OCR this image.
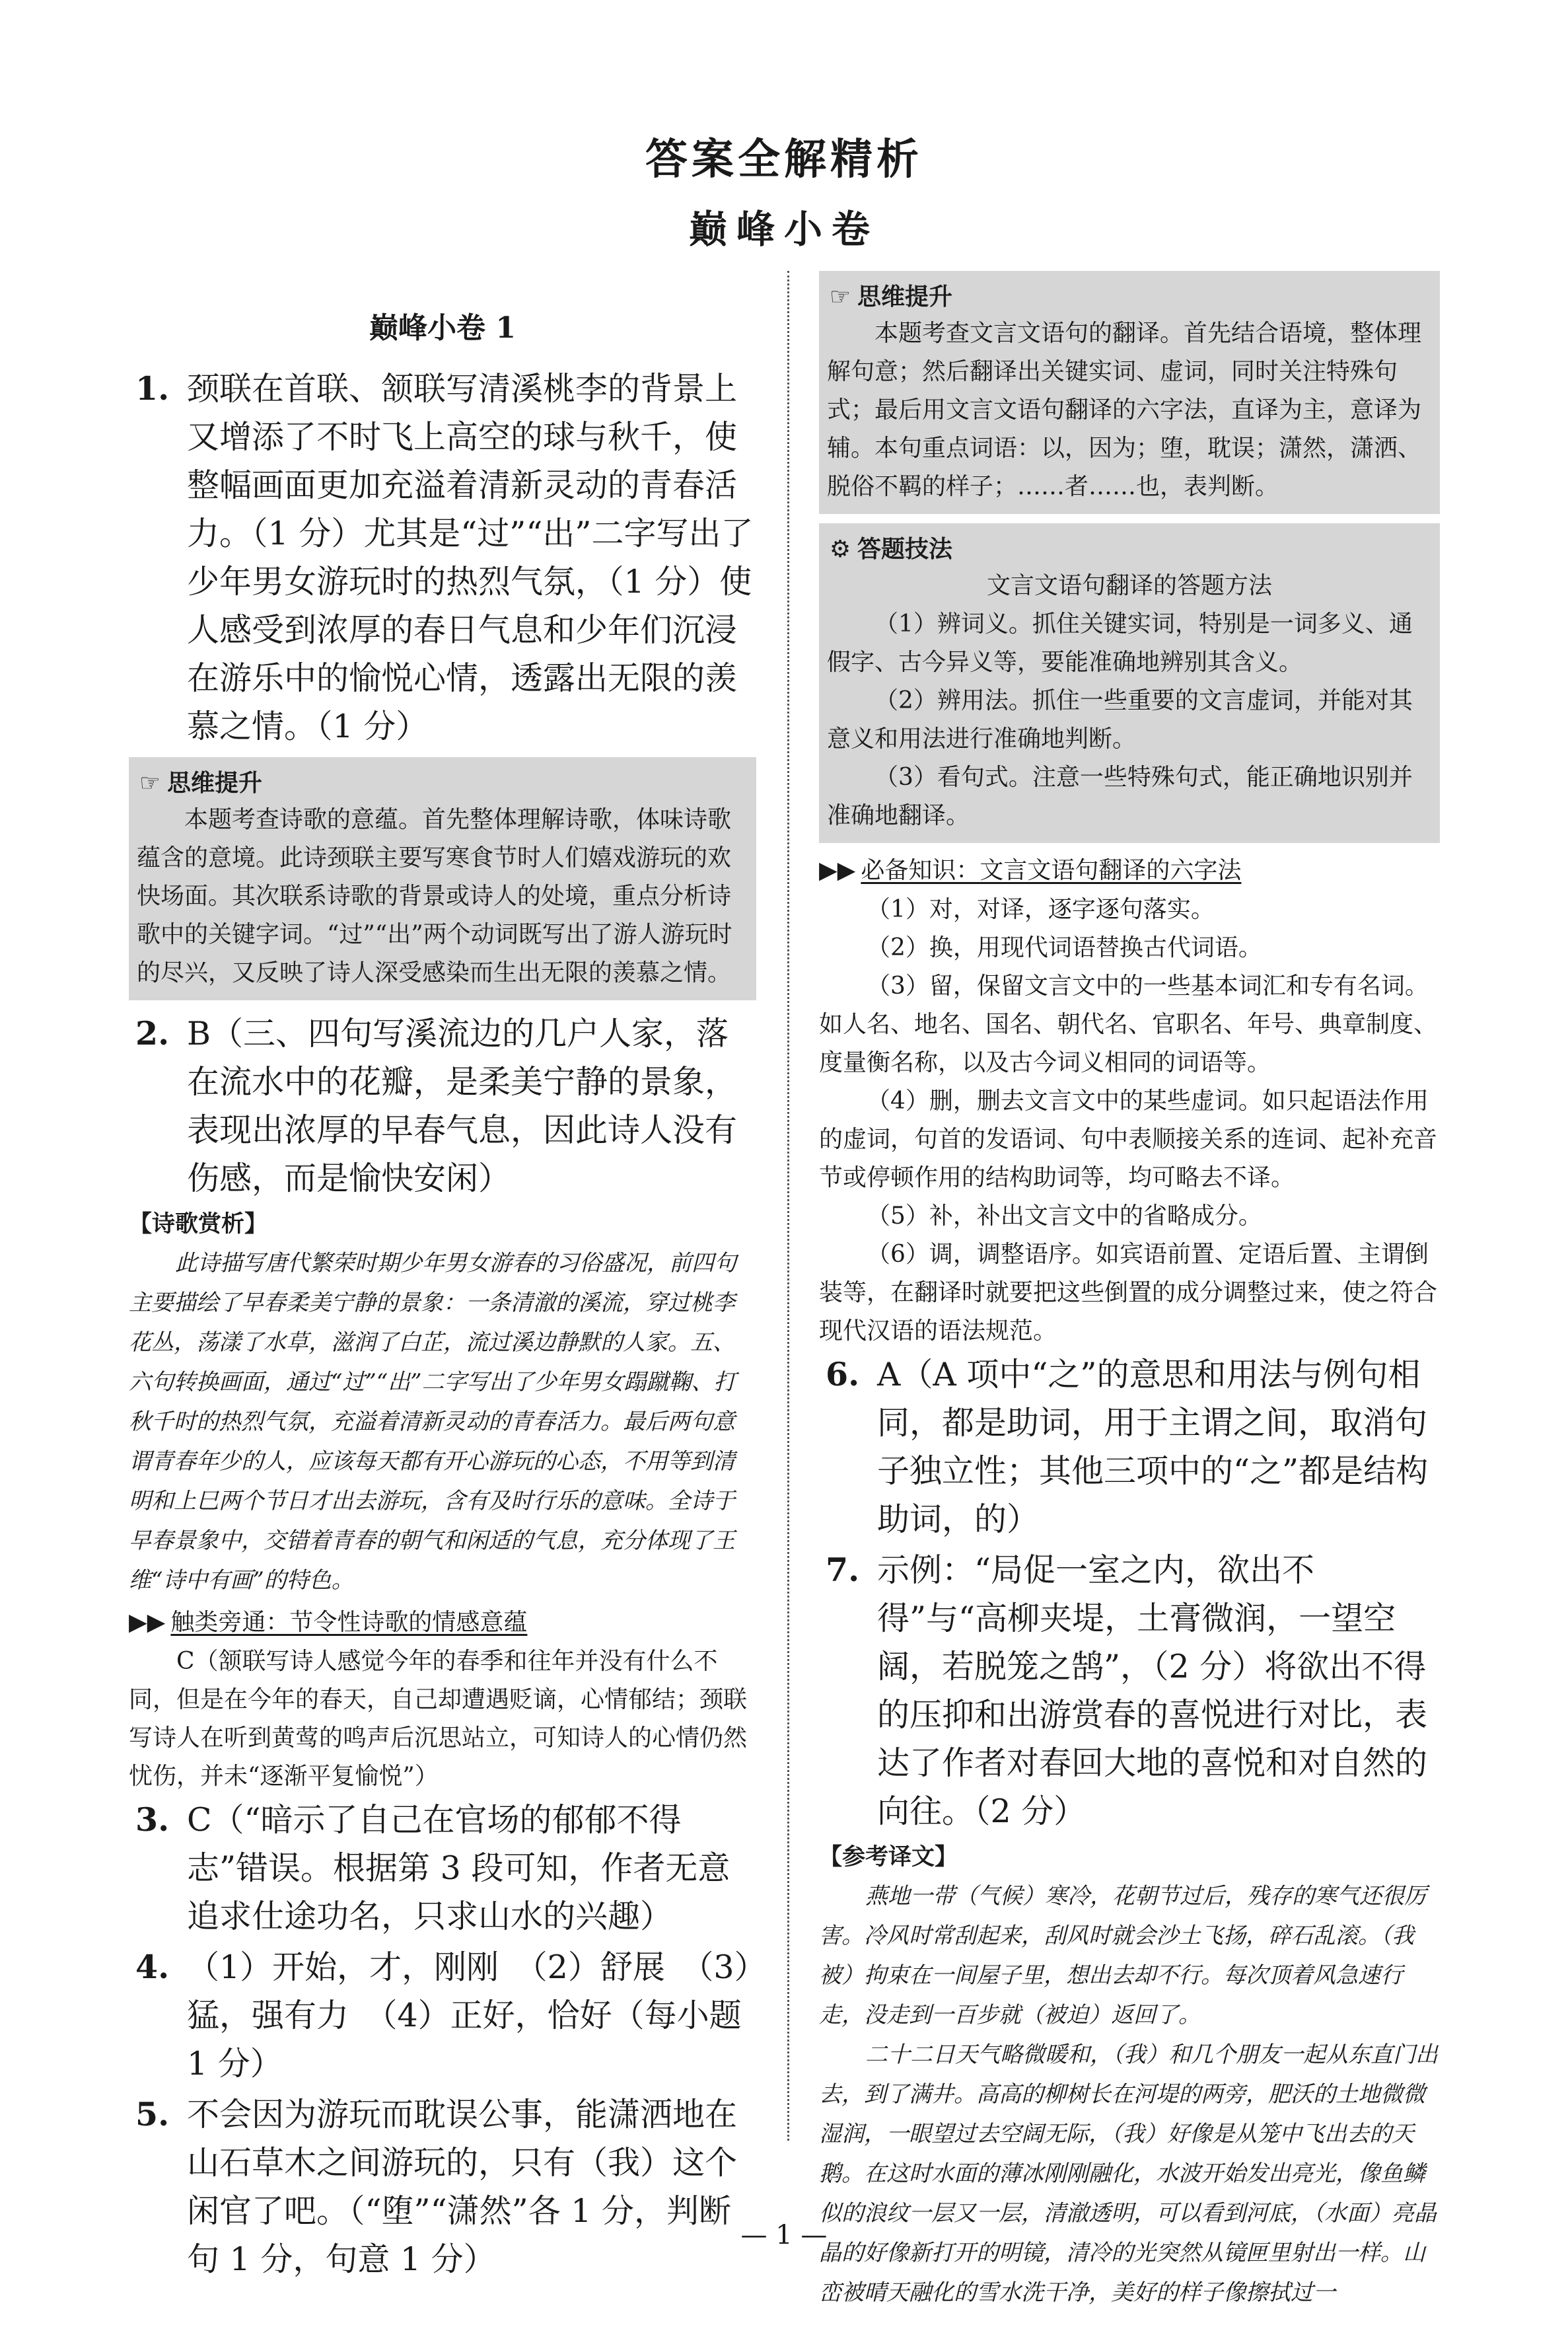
答案全解精析
巅峰小卷
巅峰小卷 1
1. 颈联在首联、颔联写清溪桃李的背景上又增添了不时飞上高空的球与秋千，使整幅画面更加充溢着清新灵动的青春活力。（1 分）尤其是“过”“出”二字写出了少年男女游玩时的热烈气氛，（1 分）使人感受到浓厚的春日气息和少年们沉浸在游乐中的愉悦心情，透露出无限的羡慕之情。（1 分）
☞ 思维提升

本题考查诗歌的意蕴。首先整体理解诗歌，体味诗歌蕴含的意境。此诗颈联主要写寒食节时人们嬉戏游玩的欢快场面。其次联系诗歌的背景或诗人的处境，重点分析诗歌中的关键字词。“过”“出”两个动词既写出了游人游玩时的尽兴，又反映了诗人深受感染而生出无限的羡慕之情。

2. B（三、四句写溪流边的几户人家，落在流水中的花瓣，是柔美宁静的景象，表现出浓厚的早春气息，因此诗人没有伤感，而是愉快安闲）
【诗歌赏析】

此诗描写唐代繁荣时期少年男女游春的习俗盛况，前四句主要描绘了早春柔美宁静的景象：一条清澈的溪流，穿过桃李花丛，荡漾了水草，滋润了白芷，流过溪边静默的人家。五、六句转换画面，通过“过”“出”二字写出了少年男女蹋蹴鞠、打秋千时的热烈气氛，充溢着清新灵动的青春活力。最后两句意谓青春年少的人，应该每天都有开心游玩的心态，不用等到清明和上巳两个节日才出去游玩，含有及时行乐的意味。全诗于早春景象中，交错着青春的朝气和闲适的气息，充分体现了王维“诗中有画”的特色。

▶▶ 触类旁通：节令性诗歌的情感意蕴

C（颔联写诗人感觉今年的春季和往年并没有什么不同，但是在今年的春天，自己却遭遇贬谪，心情郁结；颈联写诗人在听到黄莺的鸣声后沉思站立，可知诗人的心情仍然忧伤，并未“逐渐平复愉悦”）

3. C（“暗示了自己在官场的郁郁不得志”错误。根据第 3 段可知，作者无意追求仕途功名，只求山水的兴趣）
4. （1）开始，才，刚刚　（2）舒展　（3）猛，强有力　（4）正好，恰好（每小题 1 分）
5. 不会因为游玩而耽误公事，能潇洒地在山石草木之间游玩的，只有（我）这个闲官了吧。（“堕”“潇然”各 1 分，判断句 1 分，句意 1 分）
☞ 思维提升

本题考查文言文语句的翻译。首先结合语境，整体理解句意；然后翻译出关键实词、虚词，同时关注特殊句式；最后用文言文语句翻译的六字法，直译为主，意译为辅。本句重点词语：以，因为；堕，耽误；潇然，潇洒、脱俗不羁的样子；……者……也，表判断。

⚙ 答题技法

文言文语句翻译的答题方法

（1）辨词义。抓住关键实词，特别是一词多义、通假字、古今异义等，要能准确地辨别其含义。

（2）辨用法。抓住一些重要的文言虚词，并能对其意义和用法进行准确地判断。

（3）看句式。注意一些特殊句式，能正确地识别并准确地翻译。

▶▶ 必备知识：文言文语句翻译的六字法

（1）对，对译，逐字逐句落实。

（2）换，用现代词语替换古代词语。

（3）留，保留文言文中的一些基本词汇和专有名词。如人名、地名、国名、朝代名、官职名、年号、典章制度、度量衡名称，以及古今词义相同的词语等。

（4）删，删去文言文中的某些虚词。如只起语法作用的虚词，句首的发语词、句中表顺接关系的连词、起补充音节或停顿作用的结构助词等，均可略去不译。

（5）补，补出文言文中的省略成分。

（6）调，调整语序。如宾语前置、定语后置、主谓倒装等，在翻译时就要把这些倒置的成分调整过来，使之符合现代汉语的语法规范。

6. A（A 项中“之”的意思和用法与例句相同，都是助词，用于主谓之间，取消句子独立性；其他三项中的“之”都是结构助词，的）
7. 示例：“局促一室之内，欲出不得”与“高柳夹堤，土膏微润，一望空阔，若脱笼之鹄”，（2 分）将欲出不得的压抑和出游赏春的喜悦进行对比，表达了作者对春回大地的喜悦和对自然的向往。（2 分）
【参考译文】

燕地一带（气候）寒冷，花朝节过后，残存的寒气还很厉害。冷风时常刮起来，刮风时就会沙土飞扬，碎石乱滚。（我被）拘束在一间屋子里，想出去却不行。每次顶着风急速行走，没走到一百步就（被迫）返回了。

二十二日天气略微暖和，（我）和几个朋友一起从东直门出去，到了满井。高高的柳树长在河堤的两旁，肥沃的土地微微湿润，一眼望过去空阔无际，（我）好像是从笼中飞出去的天鹅。在这时水面的薄冰刚刚融化，水波开始发出亮光，像鱼鳞似的浪纹一层又一层，清澈透明，可以看到河底，（水面）亮晶晶的好像新打开的明镜，清冷的光突然从镜匣里射出一样。山峦被晴天融化的雪水洗干净，美好的样子像擦拭过一

— 1 —
